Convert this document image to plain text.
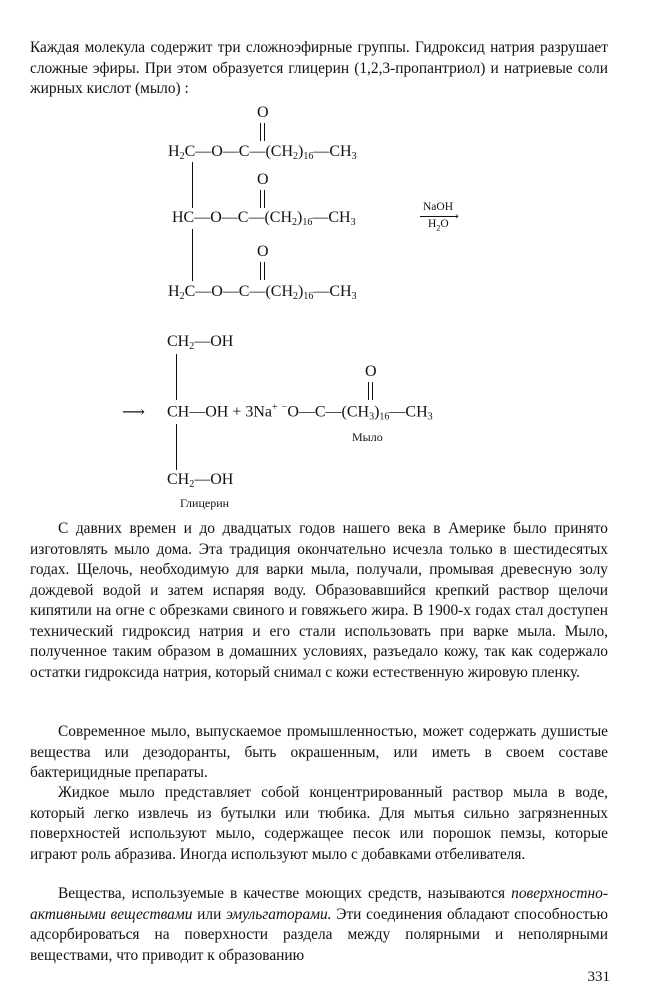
Каждая молекула содержит три сложноэфирные группы. Гидроксид натрия разрушает сложные эфиры. При этом образуется глицерин (1,2,3-пропантриол) и натриевые соли жирных кислот (мыло) :

$H_2C—O—C—(CH_2)_{16}—CH_3$
O
$HC—O—C—(CH_2)_{16}—CH_3$
O
NaOH
›
$H_2O$
$H_2C—O—C—(CH_2)_{16}—CH_3$
O
$CH_2—OH$
⟶ CH—OH + 3Na+ $^-O—C—(CH_3)_{16}—CH_3$
O
Мыло
$CH_2—OH$
Глицерин

С давних времен и до двадцатых годов нашего века в Америке было принято изготовлять мыло дома. Эта традиция окончательно исчезла только в шестидесятых годах. Щелочь, необходимую для варки мыла, получали, промывая древесную золу дождевой водой и затем испаряя воду. Образовавшийся крепкий раствор щелочи кипятили на огне с обрезками свиного и говяжьего жира. В 1900-х годах стал доступен технический гидроксид натрия и его стали использовать при варке мыла. Мыло, полученное таким образом в домашних условиях, разъедало кожу, так как содержало остатки гидроксида натрия, который снимал с кожи естественную жировую пленку.

Современное мыло, выпускаемое промышленностью, может содержать душистые вещества или дезодоранты, быть окрашенным, или иметь в своем составе бактерицидные препараты.

Жидкое мыло представляет собой концентрированный раствор мыла в воде, который легко извлечь из бутылки или тюбика. Для мытья сильно загрязненных поверхностей используют мыло, содержащее песок или порошок пемзы, которые играют роль абразива. Иногда используют мыло с добавками отбеливателя.

Вещества, используемые в качестве моющих средств, называются поверхностно-активными веществами или эмульгаторами. Эти соединения обладают способностью адсорбироваться на поверхности раздела между полярными и неполярными веществами, что приводит к образованию

331
